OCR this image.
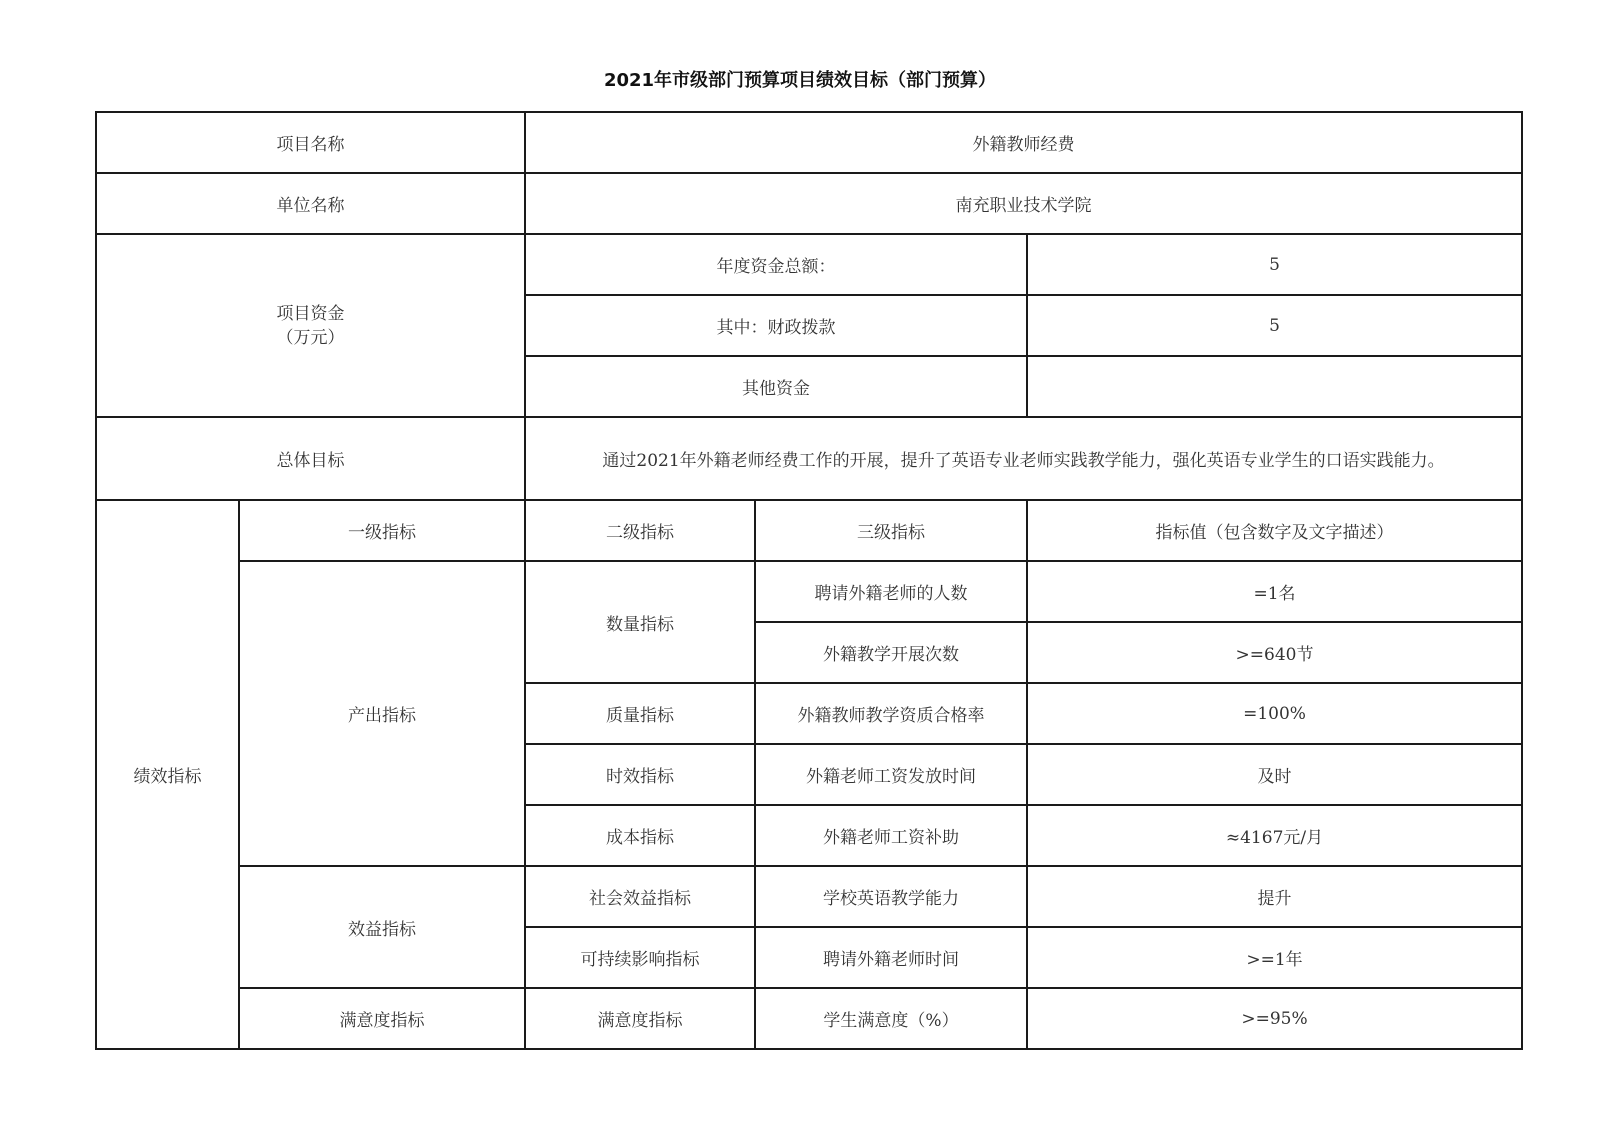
2021年市级部门预算项目绩效目标（部门预算）
项目名称		外籍教师经费		
单位名称		南充职业技术学院		

项目资金
（万元）		年度资金总额：		5
		其中：财政拨款		5
		其他资金		
总体目标		通过2021年外籍老师经费工作的开展，提升了英语专业老师实践教学能力，强化英语专业学生的口语实践能力。		
绩效指标	一级指标	二级指标	三级指标	指标值（包含数字及文字描述）
	产出指标	数量指标	聘请外籍老师的人数	=1名
			外籍教学开展次数	>=640节
		质量指标	外籍教师教学资质合格率	=100%
		时效指标	外籍老师工资发放时间	及时
		成本指标	外籍老师工资补助	≈4167元/月
	效益指标	社会效益指标	学校英语教学能力	提升
		可持续影响指标	聘请外籍老师时间	>=1年
	满意度指标	满意度指标	学生满意度（%）	>=95%
